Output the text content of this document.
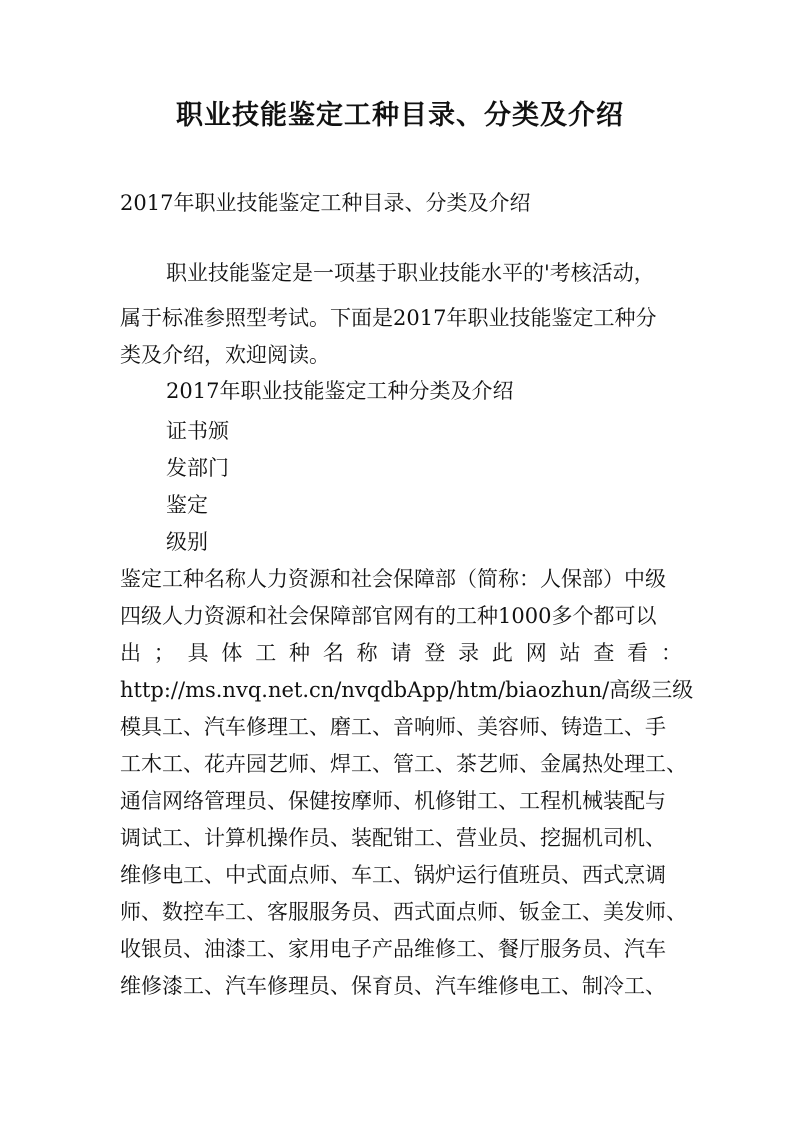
职业技能鉴定工种目录、分类及介绍
2017年职业技能鉴定工种目录、分类及介绍
职业技能鉴定是一项基于职业技能水平的'考核活动，
属于标准参照型考试。下面是2017年职业技能鉴定工种分
类及介绍，欢迎阅读。
2017年职业技能鉴定工种分类及介绍
证书颁
发部门
鉴定
级别
鉴定工种名称人力资源和社会保障部（简称：人保部）中级
四级人力资源和社会保障部官网有的工种1000多个都可以
出；具体工种名称请登录此网站查看：
http://ms.nvq.net.cn/nvqdbApp/htm/biaozhun/高级三级
模具工、汽车修理工、磨工、音响师、美容师、铸造工、手
工木工、花卉园艺师、焊工、管工、茶艺师、金属热处理工、
通信网络管理员、保健按摩师、机修钳工、工程机械装配与
调试工、计算机操作员、装配钳工、营业员、挖掘机司机、
维修电工、中式面点师、车工、锅炉运行值班员、西式烹调
师、数控车工、客服服务员、西式面点师、钣金工、美发师、
收银员、油漆工、家用电子产品维修工、餐厅服务员、汽车
维修漆工、汽车修理员、保育员、汽车维修电工、制冷工、
